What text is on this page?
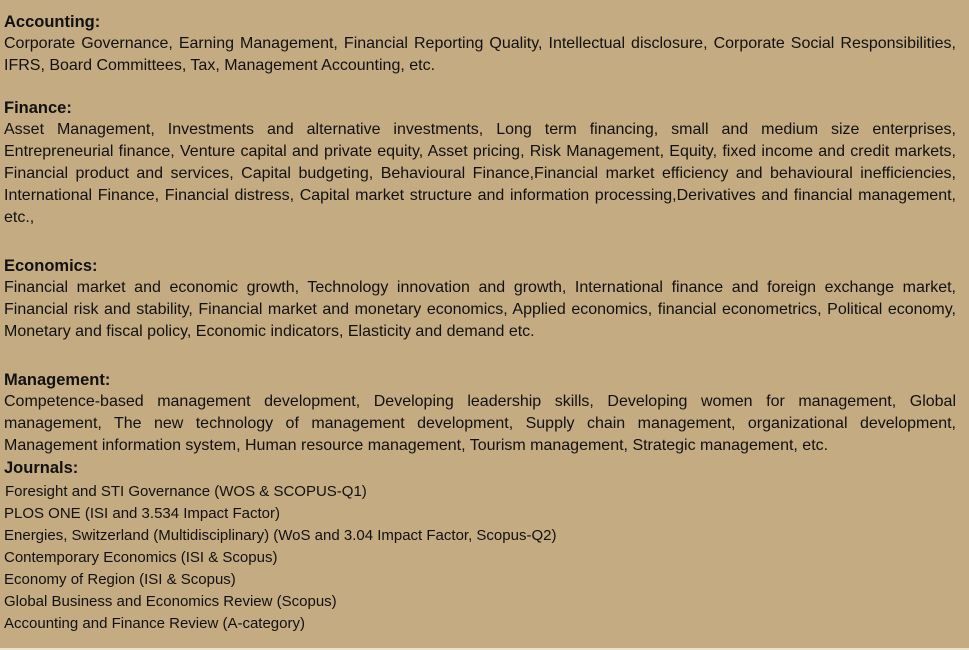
Accounting:

Corporate Governance, Earning Management, Financial Reporting Quality, Intellectual disclosure, Corporate Social Responsibilities, IFRS, Board Committees, Tax, Management Accounting, etc.

Finance:

Asset Management, Investments and alternative investments, Long term financing, small and medium size enterprises, Entrepreneurial finance, Venture capital and private equity, Asset pricing, Risk Management, Equity, fixed income and credit markets, Financial product and services, Capital budgeting, Behavioural Finance,Financial market efficiency and behavioural inefficiencies, International Finance, Financial distress, Capital market structure and information processing,Derivatives and financial management, etc.,

Economics:

Financial market and economic growth, Technology innovation and growth, International finance and foreign exchange market, Financial risk and stability, Financial market and monetary economics, Applied economics, financial econometrics, Political economy, Monetary and fiscal policy, Economic indicators, Elasticity and demand etc.

Management:

Competence-based management development, Developing leadership skills, Developing women for management, Global management, The new technology of management development, Supply chain management, organizational development, Management information system, Human resource management, Tourism management, Strategic management, etc.

Journals:
Foresight and STI Governance (WOS & SCOPUS-Q1)
PLOS ONE (ISI and 3.534 Impact Factor)
Energies, Switzerland (Multidisciplinary) (WoS and 3.04 Impact Factor, Scopus-Q2)
Contemporary Economics (ISI & Scopus)
Economy of Region (ISI & Scopus)
Global Business and Economics Review (Scopus)
Accounting and Finance Review (A-category)
